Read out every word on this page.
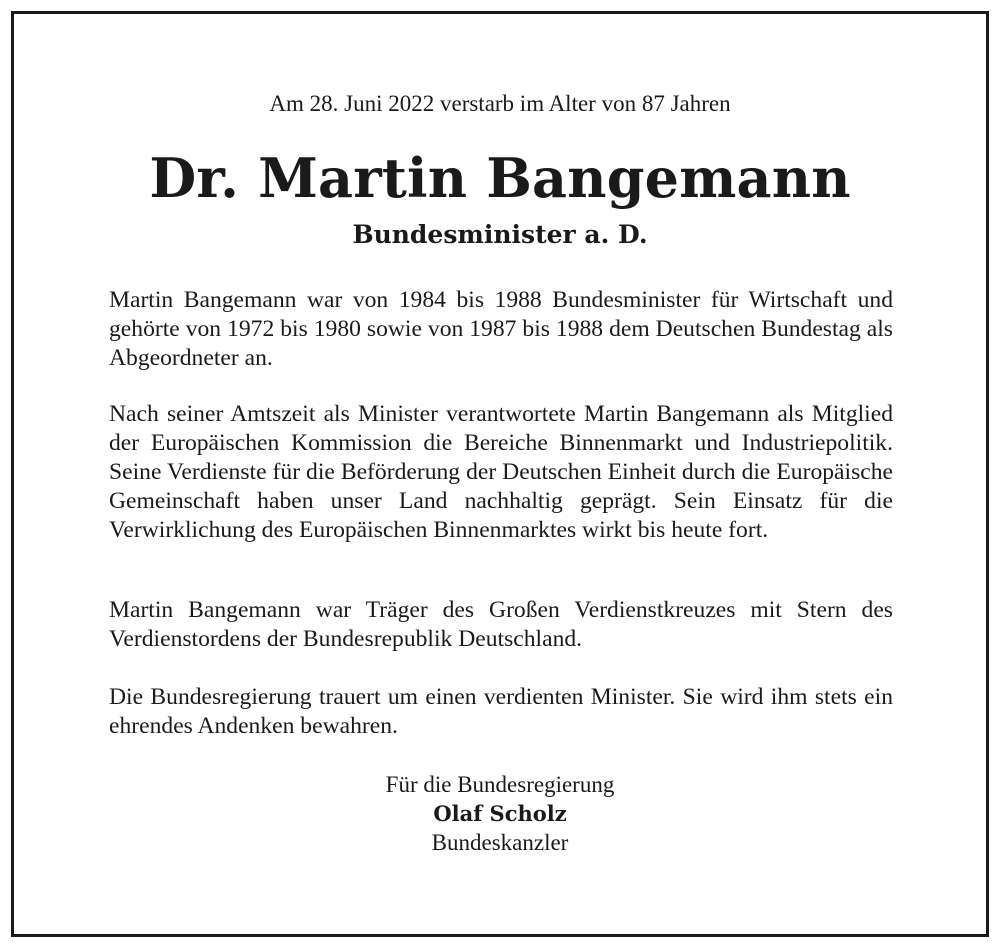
Am 28. Juni 2022 verstarb im Alter von 87 Jahren
Dr. Martin Bangemann
Bundesminister a. D.

Martin Bangemann war von 1984 bis 1988 Bundesminister für Wirtschaft und gehörte von 1972 bis 1980 sowie von 1987 bis 1988 dem Deutschen Bundestag als Abgeordneter an.

Nach seiner Amtszeit als Minister verantwortete Martin Bangemann als Mitglied der Europäischen Kommission die Bereiche Binnenmarkt und Industriepolitik. Seine Verdienste für die Beförderung der Deutschen Einheit durch die Europäische Gemeinschaft haben unser Land nachhaltig geprägt. Sein Einsatz für die Verwirklichung des Europäischen Binnenmarktes wirkt bis heute fort.

Martin Bangemann war Träger des Großen Verdienstkreuzes mit Stern des Verdienstordens der Bundesrepublik Deutschland.

Die Bundesregierung trauert um einen verdienten Minister. Sie wird ihm stets ein ehrendes Andenken bewahren.

Für die Bundesregierung
Olaf Scholz
Bundeskanzler
